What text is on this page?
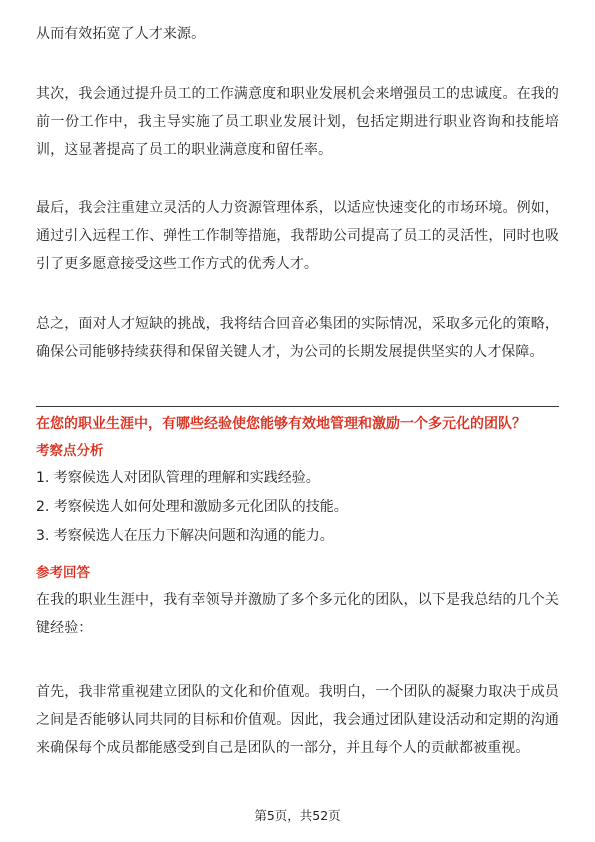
从而有效拓宽了人才来源。

其次，我会通过提升员工的工作满意度和职业发展机会来增强员工的忠诚度。在我的前一份工作中，我主导实施了员工职业发展计划，包括定期进行职业咨询和技能培训，这显著提高了员工的职业满意度和留任率。

最后，我会注重建立灵活的人力资源管理体系，以适应快速变化的市场环境。例如，通过引入远程工作、弹性工作制等措施，我帮助公司提高了员工的灵活性，同时也吸引了更多愿意接受这些工作方式的优秀人才。

总之，面对人才短缺的挑战，我将结合回音必集团的实际情况，采取多元化的策略，确保公司能够持续获得和保留关键人才，为公司的长期发展提供坚实的人才保障。

在您的职业生涯中，有哪些经验使您能够有效地管理和激励一个多元化的团队？

考察点分析

1. 考察候选人对团队管理的理解和实践经验。
2. 考察候选人如何处理和激励多元化团队的技能。
3. 考察候选人在压力下解决问题和沟通的能力。

参考回答

在我的职业生涯中，我有幸领导并激励了多个多元化的团队，以下是我总结的几个关键经验：

首先，我非常重视建立团队的文化和价值观。我明白，一个团队的凝聚力取决于成员之间是否能够认同共同的目标和价值观。因此，我会通过团队建设活动和定期的沟通来确保每个成员都能感受到自己是团队的一部分，并且每个人的贡献都被重视。

第5页，共52页
